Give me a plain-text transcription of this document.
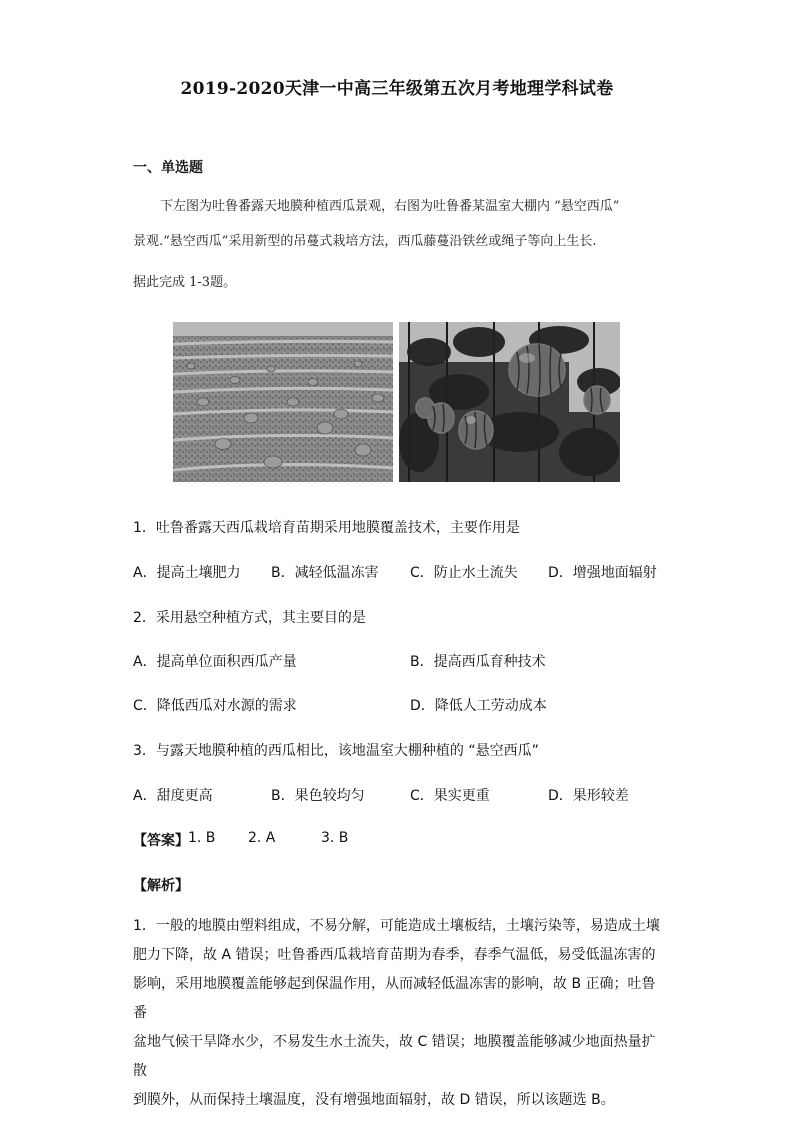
2019-2020天津一中高三年级第五次月考地理学科试卷
一、单选题
下左图为吐鲁番露天地膜种植西瓜景观，右图为吐鲁番某温室大棚内 “悬空西瓜”
景观.“悬空西瓜”采用新型的吊蔓式栽培方法，西瓜藤蔓沿铁丝或绳子等向上生长.
据此完成 1-3题。
1．吐鲁番露天西瓜栽培育苗期采用地膜覆盖技术，主要作用是
A．提高土壤肥力 B．减轻低温冻害 C．防止水土流失 D．增强地面辐射
2．采用悬空种植方式，其主要目的是
A．提高单位面积西瓜产量	B．提高西瓜育种技术
C．降低西瓜对水源的需求	D．降低人工劳动成本
3．与露天地膜种植的西瓜相比，该地温室大棚种植的 “悬空西瓜”
A．甜度更高	B．果色较均匀	C．果实更重	D．果形较差
【答案】 1. B 2. A	3. B
【解析】
1．一般的地膜由塑料组成，不易分解，可能造成土壤板结，土壤污染等，易造成土壤
肥力下降，故 A 错误；吐鲁番西瓜栽培育苗期为春季，春季气温低，易受低温冻害的
影响，采用地膜覆盖能够起到保温作用，从而减轻低温冻害的影响，故 B 正确；吐鲁番
盆地气候干旱降水少，不易发生水土流失，故 C 错误；地膜覆盖能够减少地面热量扩散
到膜外，从而保持土壤温度，没有增强地面辐射，故 D 错误，所以该题选 B。
